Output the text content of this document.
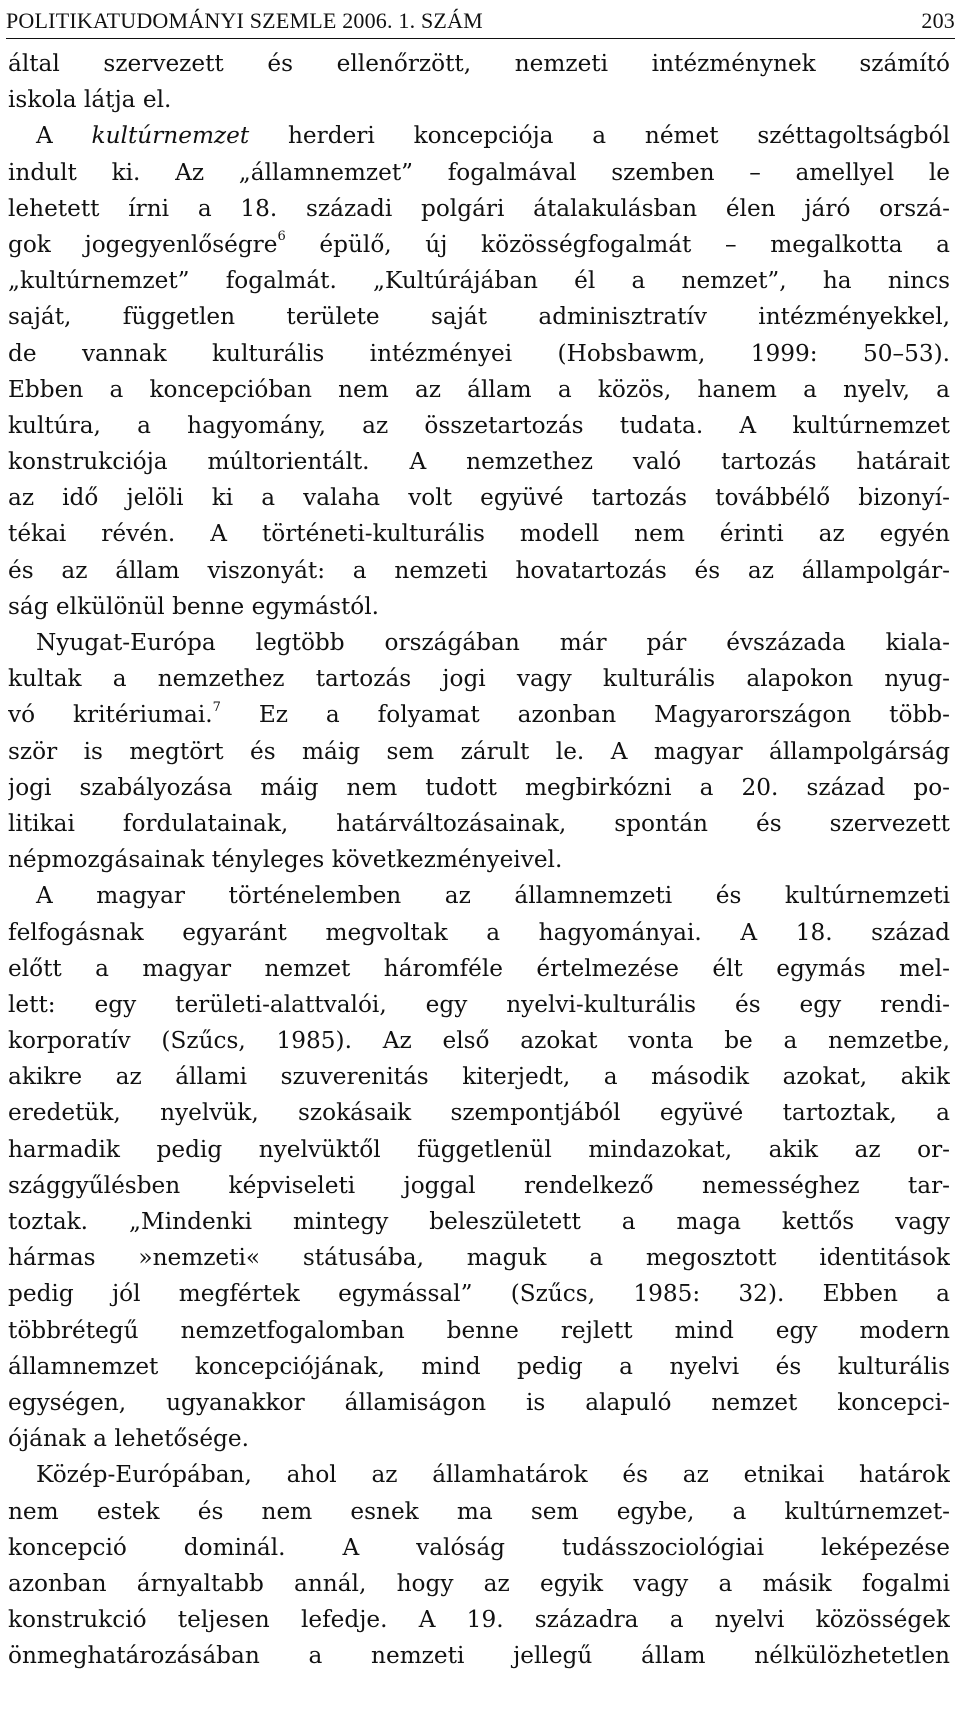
POLITIKATUDOMÁNYI SZEMLE 2006. 1. SZÁM	203
által szervezett és ellenőrzött, nemzeti intézménynek számító
iskola látja el.
A kultúrnemzet herderi koncepciója a német széttagoltságból
indult ki. Az „államnemzet” fogalmával szemben – amellyel le
lehetett írni a 18. századi polgári átalakulásban élen járó orszá-
gok jogegyenlőségre$^6$ épülő, új közösségfogalmát – megalkotta a
„kultúrnemzet” fogalmát. „Kultúrájában él a nemzet”, ha nincs
saját, független területe saját adminisztratív intézményekkel,
de vannak kulturális intézményei (Hobsbawm, 1999: 50–53).
Ebben a koncepcióban nem az állam a közös, hanem a nyelv, a
kultúra, a hagyomány, az összetartozás tudata. A kultúrnemzet
konstrukciója múltorientált. A nemzethez való tartozás határait
az idő jelöli ki a valaha volt együvé tartozás továbbélő bizonyí-
tékai révén. A történeti-kulturális modell nem érinti az egyén
és az állam viszonyát: a nemzeti hovatartozás és az állampolgár-
ság elkülönül benne egymástól.
Nyugat-Európa legtöbb országában már pár évszázada kiala-
kultak a nemzethez tartozás jogi vagy kulturális alapokon nyug-
vó kritériumai.$^7$ Ez a folyamat azonban Magyarországon több-
ször is megtört és máig sem zárult le. A magyar állampolgárság
jogi szabályozása máig nem tudott megbirkózni a 20. század po-
litikai fordulatainak, határváltozásainak, spontán és szervezett
népmozgásainak tényleges következményeivel.
A magyar történelemben az államnemzeti és kultúrnemzeti
felfogásnak egyaránt megvoltak a hagyományai. A 18. század
előtt a magyar nemzet háromféle értelmezése élt egymás mel-
lett: egy területi-alattvalói, egy nyelvi-kulturális és egy rendi-
korporatív (Szűcs, 1985). Az első azokat vonta be a nemzetbe,
akikre az állami szuverenitás kiterjedt, a második azokat, akik
eredetük, nyelvük, szokásaik szempontjából együvé tartoztak, a
harmadik pedig nyelvüktől függetlenül mindazokat, akik az or-
szággyűlésben képviseleti joggal rendelkező nemességhez tar-
toztak. „Mindenki mintegy beleszületett a maga kettős vagy
hármas »nemzeti« státusába, maguk a megosztott identitások
pedig jól megfértek egymással” (Szűcs, 1985: 32). Ebben a
többrétegű nemzetfogalomban benne rejlett mind egy modern
államnemzet koncepciójának, mind pedig a nyelvi és kulturális
egységen, ugyanakkor államiságon is alapuló nemzet koncepci-
ójának a lehetősége.
Közép-Európában, ahol az államhatárok és az etnikai határok
nem estek és nem esnek ma sem egybe, a kultúrnemzet-
koncepció dominál. A valóság tudásszociológiai leképezése
azonban árnyaltabb annál, hogy az egyik vagy a másik fogalmi
konstrukció teljesen lefedje. A 19. századra a nyelvi közösségek
önmeghatározásában a nemzeti jellegű állam nélkülözhetetlen
